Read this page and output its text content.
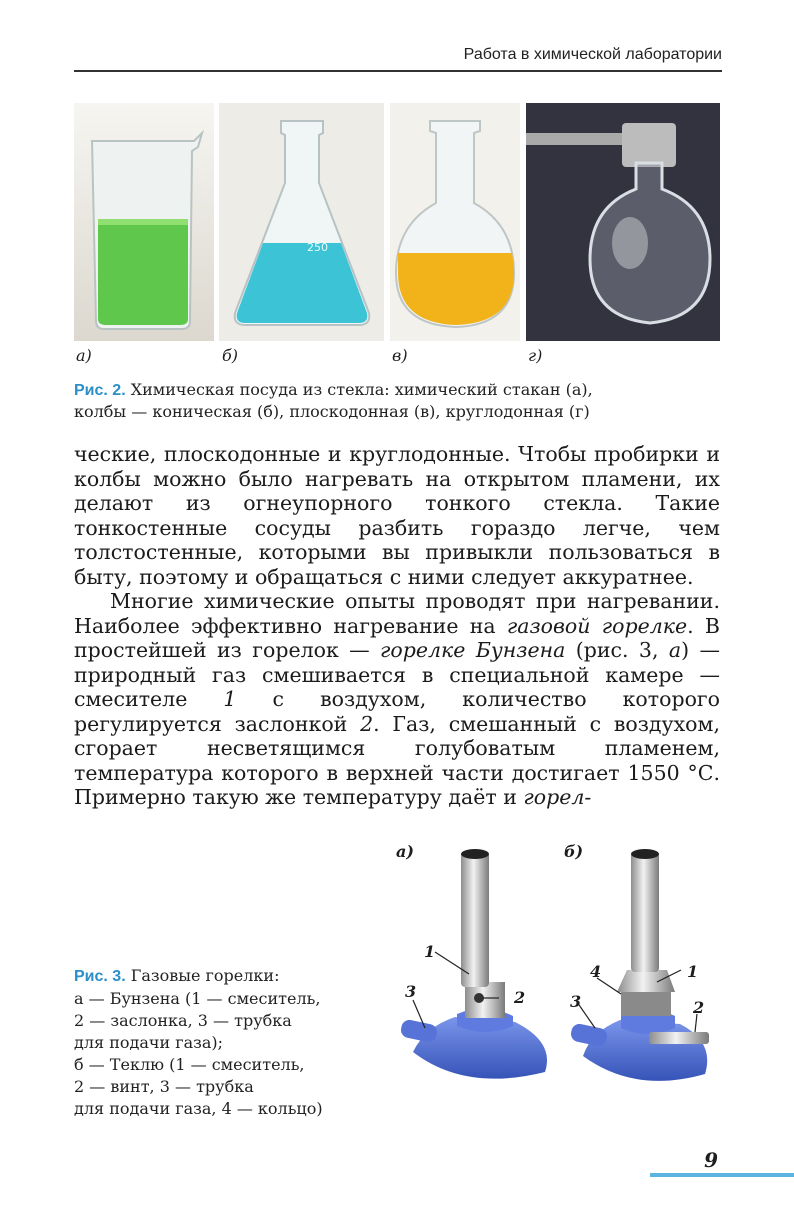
Работа в химической лаборатории
250
а)	б)	в)	г)
Рис. 2. Химическая посуда из стекла: химический стакан (а),
колбы — коническая (б), плоскодонная (в), круглодонная (г)

ческие, плоскодонные и круглодонные. Чтобы пробирки и колбы можно было нагревать на открытом пламени, их делают из огнеупорного тонкого стекла. Такие тонкостенные сосуды разбить гораздо легче, чем толстостенные, которыми вы привыкли пользоваться в быту, поэтому и обращаться с ними следует аккуратнее.

Многие химические опыты проводят при нагревании. Наиболее эффективно нагревание на газовой горелке. В простейшей из горелок — горелке Бунзена (рис. 3, а) — природный газ смешивается в специальной камере — смесителе 1 с воздухом, количество которого регулируется заслонкой 2. Газ, смешанный с воздухом, сгорает несветящимся голубоватым пламенем, температура которого в верхней части достигает 1550 °С. Примерно такую же температуру даёт и горел-

а)	б)
1
2
3
4	1
3	2
Рис. 3. Газовые горелки:
а — Бунзена (1 — смеситель,
2 — заслонка, 3 — трубка
для подачи газа);
б — Теклю (1 — смеситель,
2 — винт, 3 — трубка
для подачи газа, 4 — кольцо)
9
